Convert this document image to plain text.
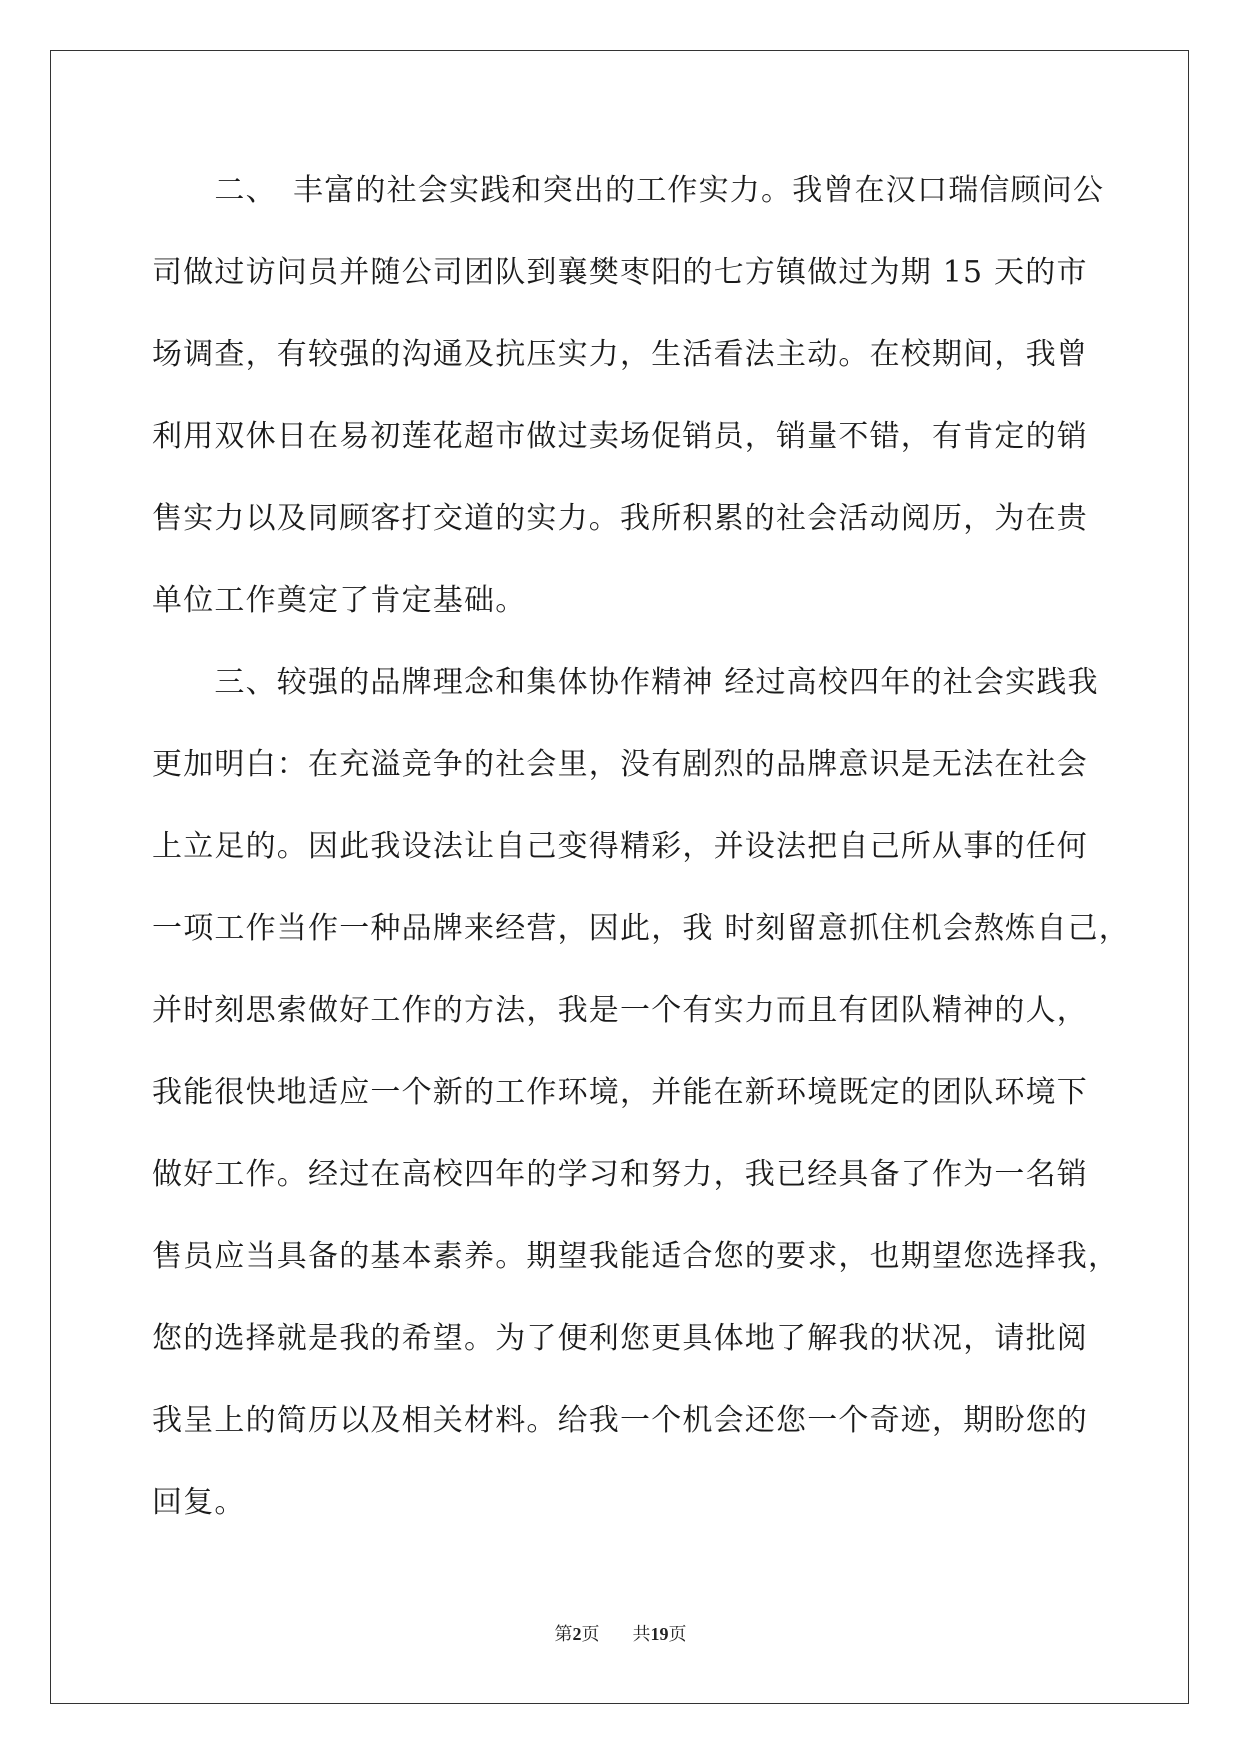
　　二、　丰富的社会实践和突出的工作实力。我曾在汉口瑞信顾问公
司做过访问员并随公司团队到襄樊枣阳的七方镇做过为期 15 天的市
场调查，有较强的沟通及抗压实力，生活看法主动。在校期间，我曾
利用双休日在易初莲花超市做过卖场促销员，销量不错，有肯定的销
售实力以及同顾客打交道的实力。我所积累的社会活动阅历，为在贵
单位工作奠定了肯定基础。
　　三、较强的品牌理念和集体协作精神 经过高校四年的社会实践我
更加明白：在充溢竞争的社会里，没有剧烈的品牌意识是无法在社会
上立足的。因此我设法让自己变得精彩，并设法把自己所从事的任何
一项工作当作一种品牌来经营，因此，我 时刻留意抓住机会熬炼自己，
并时刻思索做好工作的方法，我是一个有实力而且有团队精神的人，
我能很快地适应一个新的工作环境，并能在新环境既定的团队环境下
做好工作。经过在高校四年的学习和努力，我已经具备了作为一名销
售员应当具备的基本素养。期望我能适合您的要求，也期望您选择我，
您的选择就是我的希望。为了便利您更具体地了解我的状况，请批阅
我呈上的简历以及相关材料。给我一个机会还您一个奇迹，期盼您的
回复。
第2页 共19页
